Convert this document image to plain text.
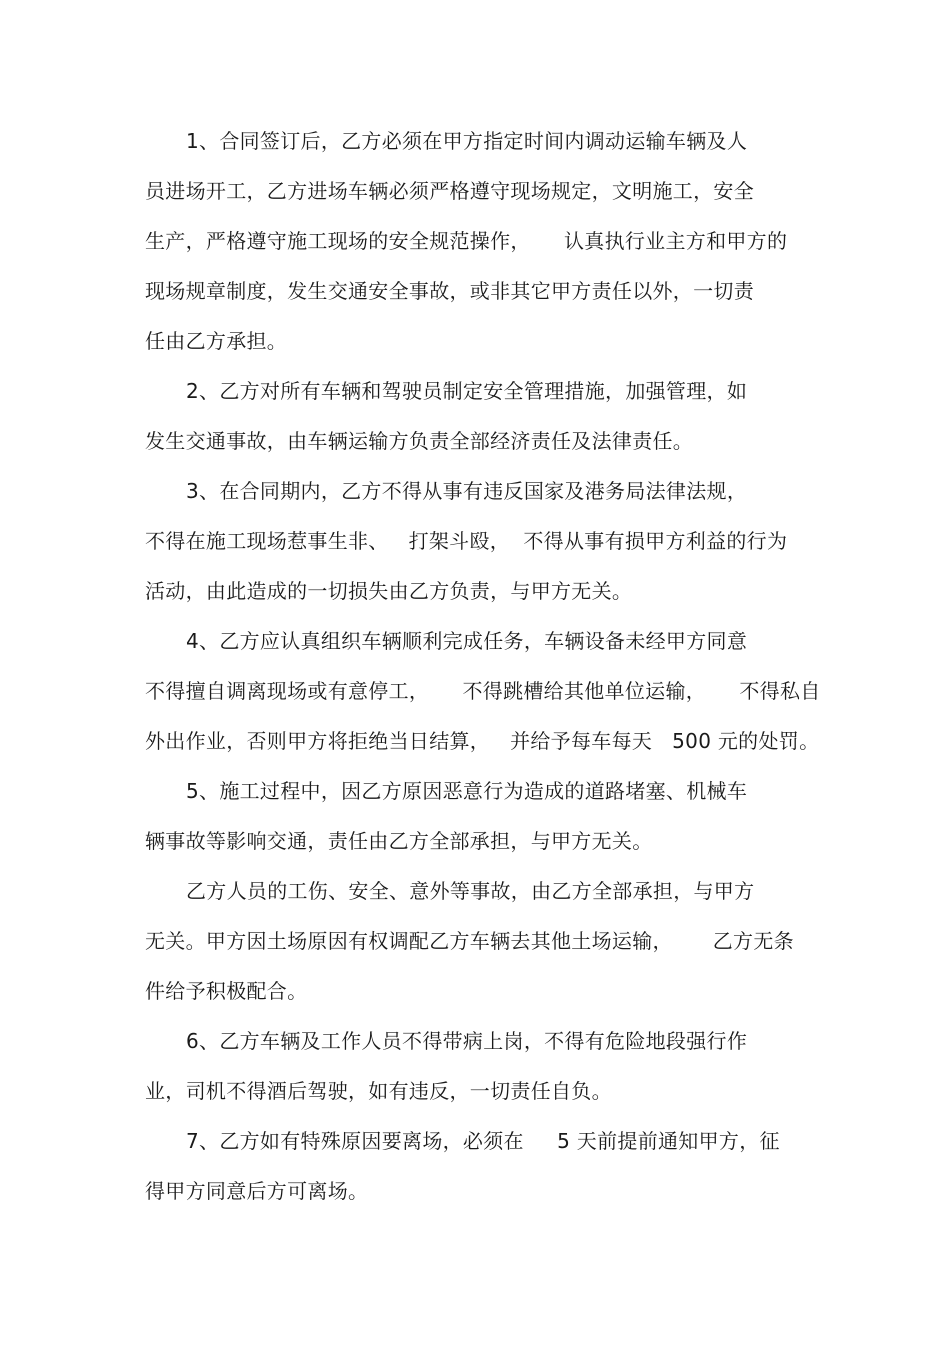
1、合同签订后，乙方必须在甲方指定时间内调动运输车辆及人
员进场开工，乙方进场车辆必须严格遵守现场规定，文明施工，安全
生产，严格遵守施工现场的安全规范操作，     认真执行业主方和甲方的
现场规章制度，发生交通安全事故，或非其它甲方责任以外，一切责
任由乙方承担。
2、乙方对所有车辆和驾驶员制定安全管理措施，加强管理，如
发生交通事故，由车辆运输方负责全部经济责任及法律责任。
3、在合同期内，乙方不得从事有违反国家及港务局法律法规，
不得在施工现场惹事生非、   打架斗殴，  不得从事有损甲方利益的行为
活动，由此造成的一切损失由乙方负责，与甲方无关。
4、乙方应认真组织车辆顺利完成任务，车辆设备未经甲方同意
不得擅自调离现场或有意停工，     不得跳槽给其他单位运输，     不得私自
外出作业，否则甲方将拒绝当日结算，   并给予每车每天   500 元的处罚。
5、施工过程中，因乙方原因恶意行为造成的道路堵塞、机械车
辆事故等影响交通，责任由乙方全部承担，与甲方无关。
乙方人员的工伤、安全、意外等事故，由乙方全部承担，与甲方
无关。甲方因土场原因有权调配乙方车辆去其他土场运输，      乙方无条
件给予积极配合。
6、乙方车辆及工作人员不得带病上岗，不得有危险地段强行作
业，司机不得酒后驾驶，如有违反，一切责任自负。
7、乙方如有特殊原因要离场，必须在     5 天前提前通知甲方，征
得甲方同意后方可离场。
